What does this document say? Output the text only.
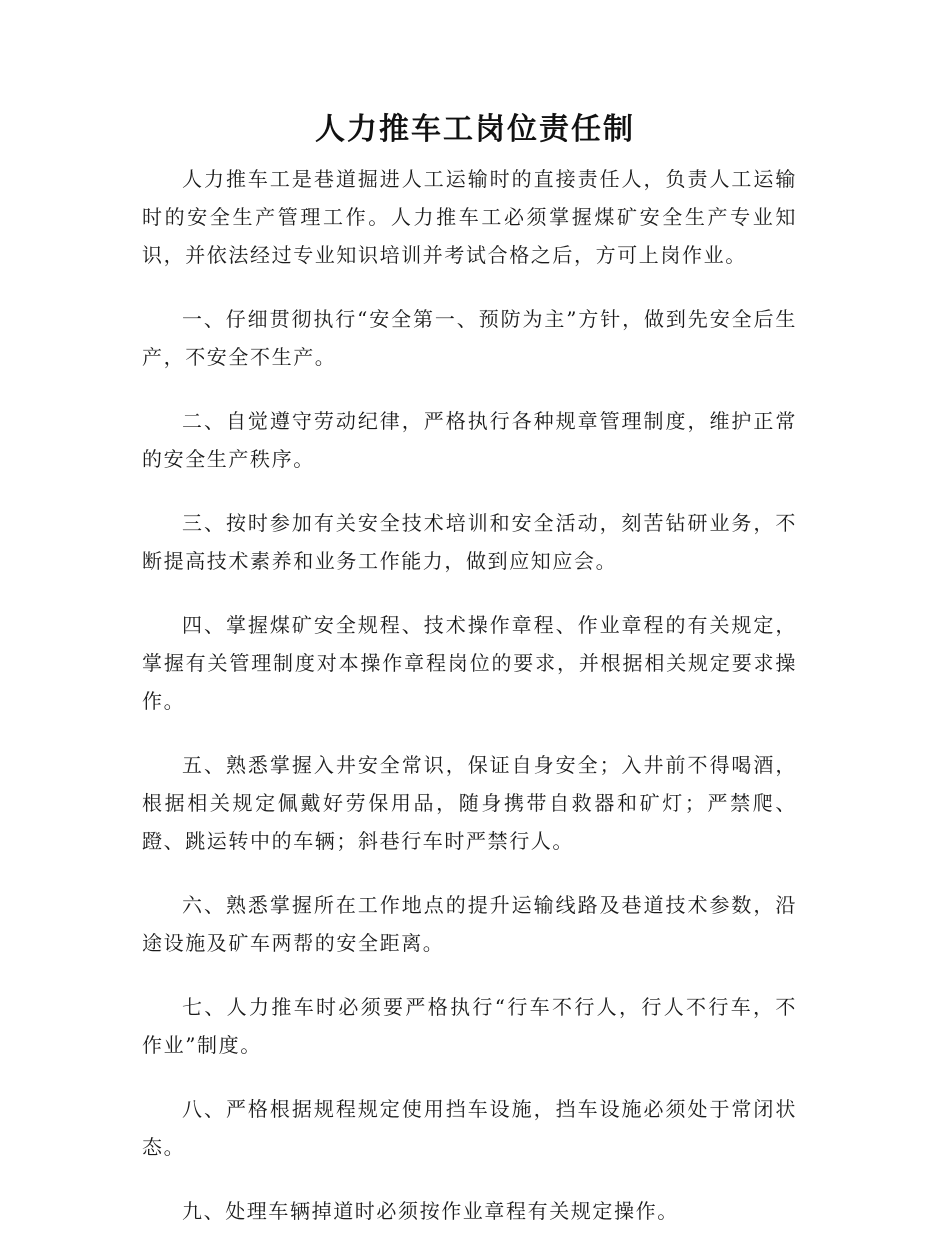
人力推车工岗位责任制

人力推车工是巷道掘进人工运输时的直接责任人，负责人工运输时的安全生产管理工作。人力推车工必须掌握煤矿安全生产专业知识，并依法经过专业知识培训并考试合格之后，方可上岗作业。

一、仔细贯彻执行“安全第一、预防为主”方针，做到先安全后生产，不安全不生产。

二、自觉遵守劳动纪律，严格执行各种规章管理制度，维护正常的安全生产秩序。

三、按时参加有关安全技术培训和安全活动，刻苦钻研业务，不断提高技术素养和业务工作能力，做到应知应会。

四、掌握煤矿安全规程、技术操作章程、作业章程的有关规定，掌握有关管理制度对本操作章程岗位的要求，并根据相关规定要求操作。

五、熟悉掌握入井安全常识，保证自身安全；入井前不得喝酒，根据相关规定佩戴好劳保用品，随身携带自救器和矿灯；严禁爬、蹬、跳运转中的车辆；斜巷行车时严禁行人。

六、熟悉掌握所在工作地点的提升运输线路及巷道技术参数，沿途设施及矿车两帮的安全距离。

七、人力推车时必须要严格执行“行车不行人，行人不行车，不作业”制度。

八、严格根据规程规定使用挡车设施，挡车设施必须处于常闭状态。

九、处理车辆掉道时必须按作业章程有关规定操作。
